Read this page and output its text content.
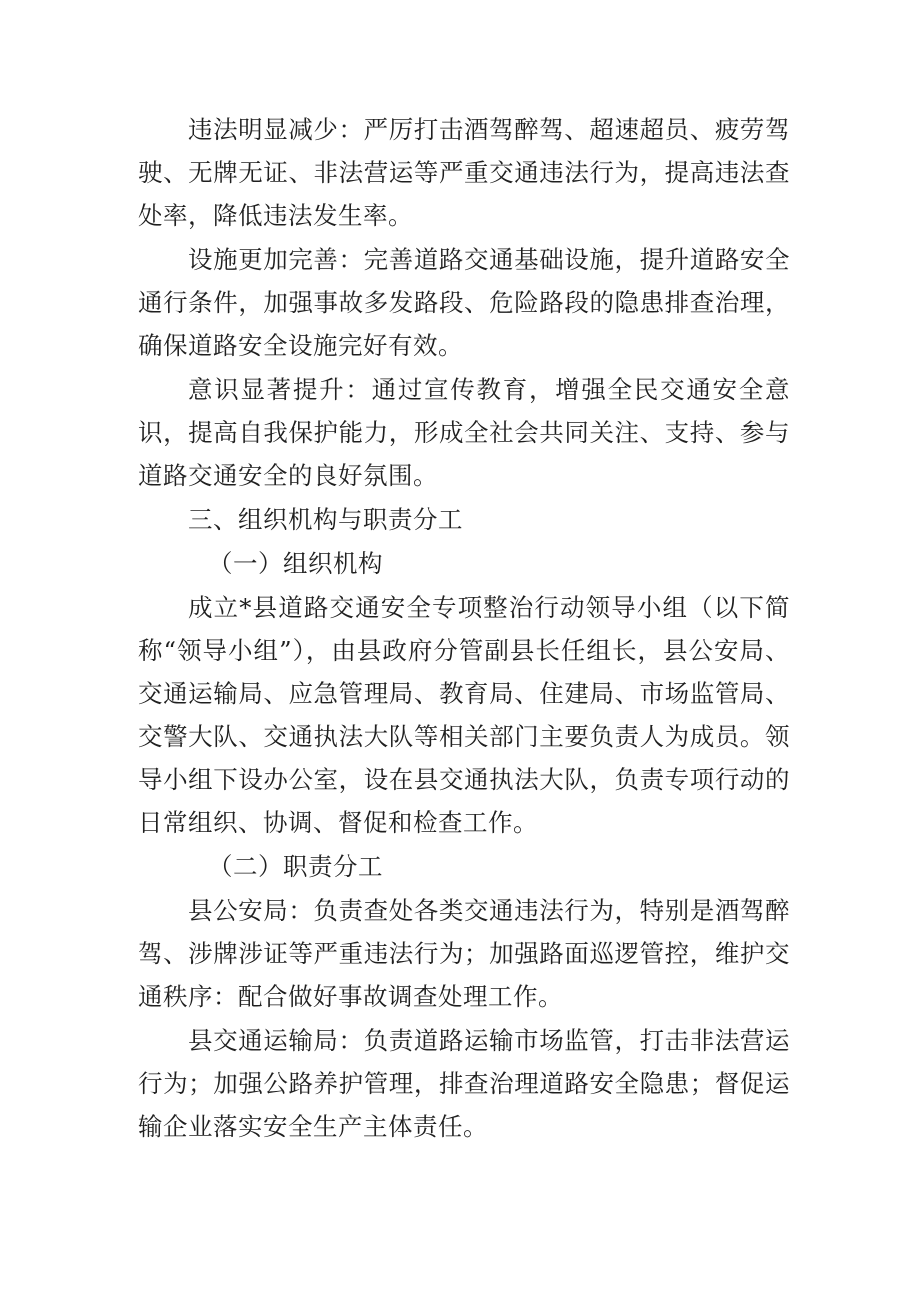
违法明显减少：严厉打击酒驾醉驾、超速超员、疲劳驾驶、无牌无证、非法营运等严重交通违法行为，提高违法查处率，降低违法发生率。

设施更加完善：完善道路交通基础设施，提升道路安全通行条件，加强事故多发路段、危险路段的隐患排查治理，确保道路安全设施完好有效。

意识显著提升：通过宣传教育，增强全民交通安全意识，提高自我保护能力，形成全社会共同关注、支持、参与道路交通安全的良好氛围。

三、组织机构与职责分工

（一）组织机构

成立*县道路交通安全专项整治行动领导小组（以下简称“领导小组”），由县政府分管副县长任组长，县公安局、交通运输局、应急管理局、教育局、住建局、市场监管局、交警大队、交通执法大队等相关部门主要负责人为成员。领导小组下设办公室，设在县交通执法大队，负责专项行动的日常组织、协调、督促和检查工作。

（二）职责分工

县公安局：负责查处各类交通违法行为，特别是酒驾醉驾、涉牌涉证等严重违法行为；加强路面巡逻管控，维护交通秩序：配合做好事故调查处理工作。

县交通运输局：负责道路运输市场监管，打击非法营运行为；加强公路养护管理，排查治理道路安全隐患；督促运输企业落实安全生产主体责任。
